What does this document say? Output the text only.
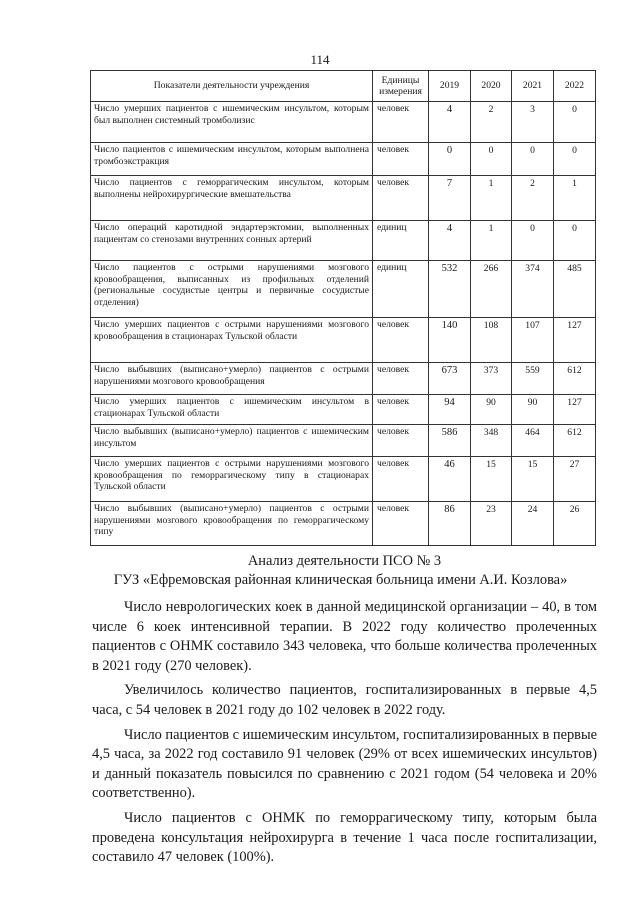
114
Показатели деятельности учреждения	Единицы измерения	2019	2020	2021	2022
Число умерших пациентов с ишемическим инсультом, которым был выполнен системный тромболизис	человек	4	2	3	0
Число пациентов с ишемическим инсультом, которым выполнена тромбоэкстракция	человек	0	0	0	0
Число пациентов с геморрагическим инсультом, которым выполнены нейрохирургические вмешательства	человек	7	1	2	1
Число операций каротидной эндартерэктомии, выполненных пациентам со стенозами внутренних сонных артерий	единиц	4	1	0	0
Число пациентов с острыми нарушениями мозгового кровообращения, выписанных из профильных отделений (региональные сосудистые центры и первичные сосудистые отделения)	единиц	532	266	374	485
Число умерших пациентов с острыми нарушениями мозгового кровообращения в стационарах Тульской области	человек	140	108	107	127
Число выбывших (выписано+умерло) пациентов с острыми нарушениями мозгового кровообращения	человек	673	373	559	612
Число умерших пациентов с ишемическим инсультом в стационарах Тульской области	человек	94	90	90	127
Число выбывших (выписано+умерло) пациентов с ишемическим инсультом	человек	586	348	464	612
Число умерших пациентов с острыми нарушениями мозгового кровообращения по геморрагическому типу в стационарах Тульской области	человек	46	15	15	27
Число выбывших (выписано+умерло) пациентов с острыми нарушениями мозгового кровообращения по геморрагическому типу	человек	86	23	24	26
Анализ деятельности ПСО № 3
ГУЗ «Ефремовская районная клиническая больница имени А.И. Козлова»

Число неврологических коек в данной медицинской организации – 40, в том числе 6 коек интенсивной терапии. В 2022 году количество пролеченных пациентов с ОНМК составило 343 человека, что больше количества пролеченных в 2021 году (270 человек).

Увеличилось количество пациентов, госпитализированных в первые 4,5 часа, с 54 человек в 2021 году до 102 человек в 2022 году.

Число пациентов с ишемическим инсультом, госпитализированных в первые 4,5 часа, за 2022 год составило 91 человек (29% от всех ишемических инсультов) и данный показатель повысился по сравнению с 2021 годом (54 человека и 20% соответственно).

Число пациентов с ОНМК по геморрагическому типу, которым была проведена консультация нейрохирурга в течение 1 часа после госпитализации, составило 47 человек (100%).
